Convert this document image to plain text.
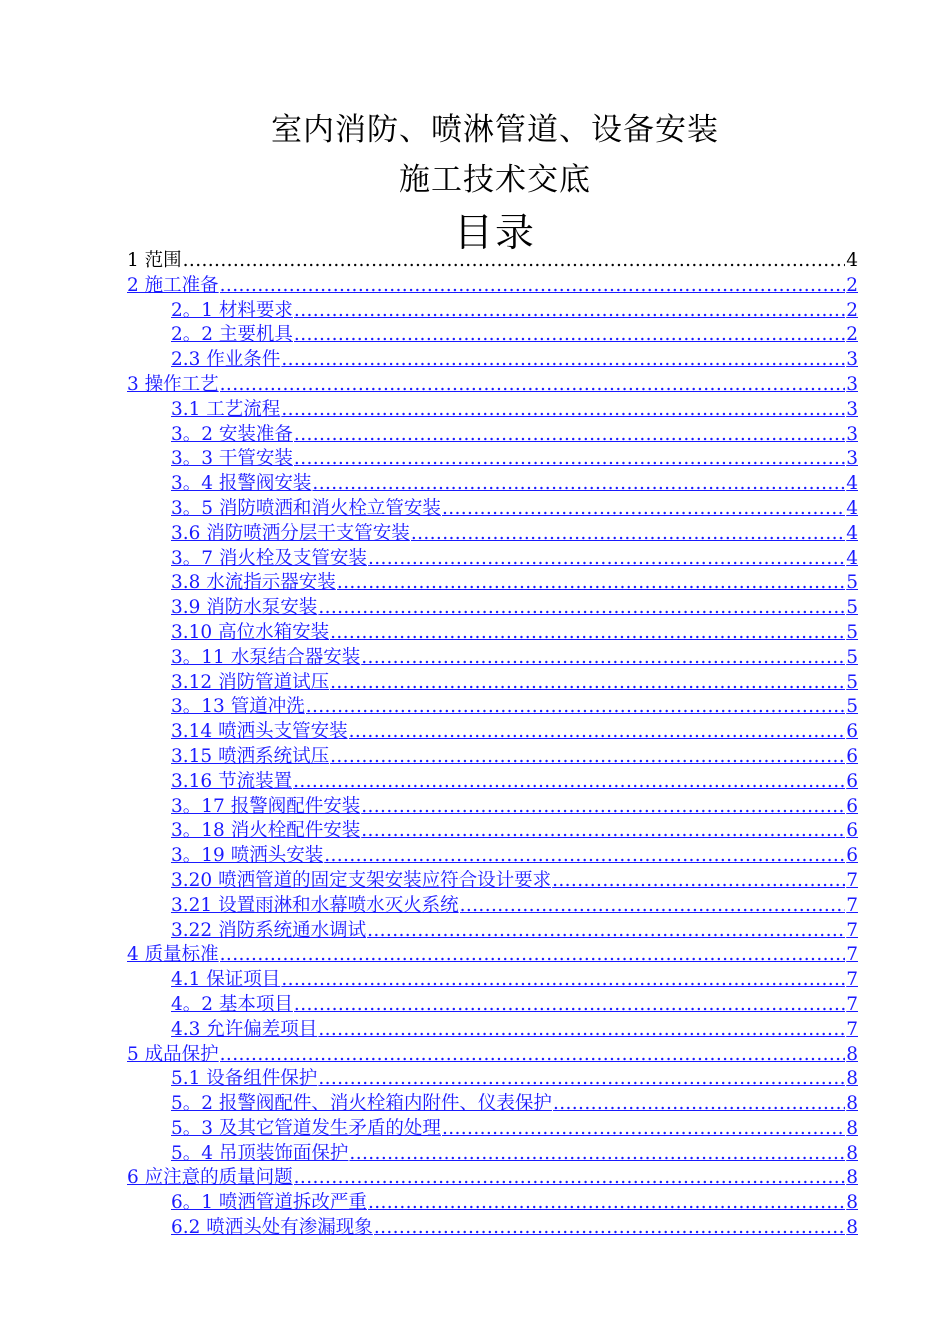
室内消防、喷淋管道、设备安装
施工技术交底
目录
1 范围 .....	4
2 施工准备 .....	2
2。1 材料要求 .....	2
2。2 主要机具 .....	2
2.3 作业条件 .....	3
3 操作工艺 .....	3
3.1 工艺流程 .....	3
3。2 安装准备 .....	3
3。3 干管安装 .....	3
3。4 报警阀安装 .....	4
3。5 消防喷洒和消火栓立管安装 .....	4
3.6 消防喷洒分层干支管安装 .....	4
3。7 消火栓及支管安装 .....	4
3.8 水流指示器安装 .....	5
3.9 消防水泵安装 .....	5
3.10 高位水箱安装 .....	5
3。11 水泵结合器安装 .....	5
3.12 消防管道试压 .....	5
3。13 管道冲洗 .....	5
3.14 喷洒头支管安装 .....	6
3.15 喷洒系统试压 .....	6
3.16 节流装置 .....	6
3。17 报警阀配件安装 .....	6
3。18 消火栓配件安装 .....	6
3。19 喷洒头安装 .....	6
3.20 喷洒管道的固定支架安装应符合设计要求 .....	7
3.21 设置雨淋和水幕喷水灭火系统 .....	7
3.22 消防系统通水调试 .....	7
4 质量标准 .....	7
4.1 保证项目 .....	7
4。2 基本项目 .....	7
4.3 允许偏差项目 .....	7
5 成品保护 .....	8
5.1 设备组件保护 .....	8
5。2 报警阀配件、消火栓箱内附件、仪表保护 .....	8
5。3 及其它管道发生矛盾的处理 .....	8
5。4 吊顶装饰面保护 .....	8
6 应注意的质量问题 .....	8
6。1 喷洒管道拆改严重 .....	8
6.2 喷洒头处有渗漏现象 .....	8
